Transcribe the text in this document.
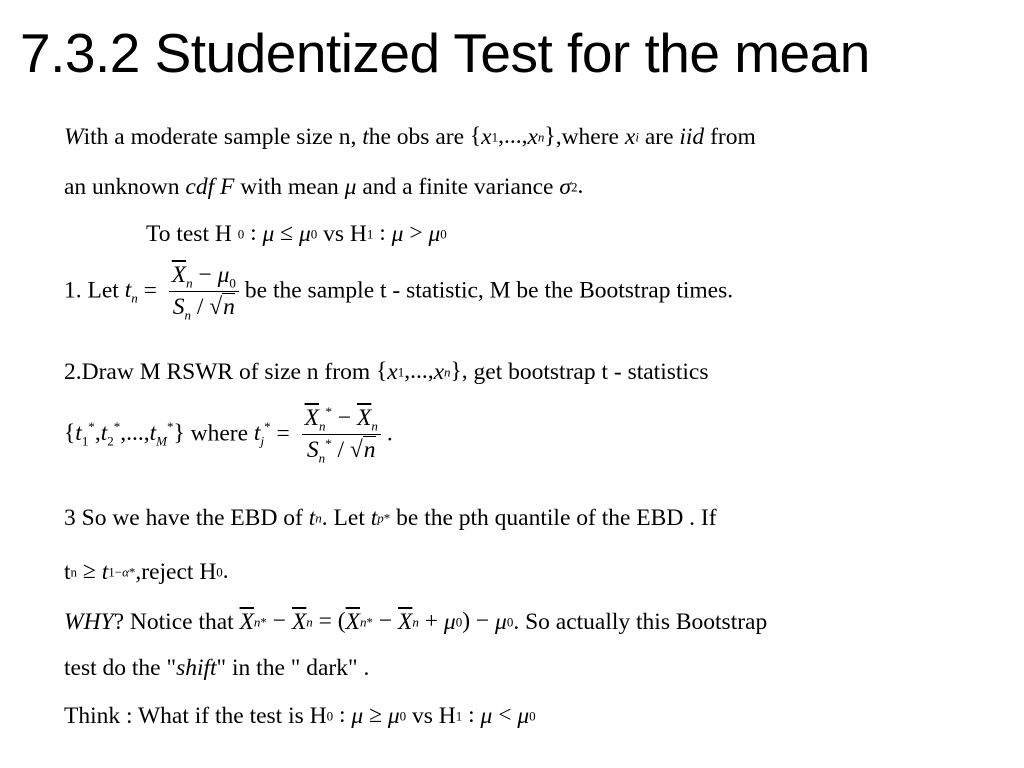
7.3.2 Studentized Test for the mean
With a moderate sample size n, the obs are {x1,...,xn},where xi are iid from
an unknown cdf F with mean μ and a finite variance σ2.
To test H 0 : μ ≤ μ0 vs H1 : μ > μ0
1. Let $t_n = \frac{\overline{X}_n - \mu_0}{S_n / √n}$ be the sample t - statistic, M be the Bootstrap times.
2.Draw M RSWR of size n from {x1,...,xn}, get bootstrap t - statistics
$\{t_1^*,t_2^*,...,t_M^*\}$ where $t_j^* = \frac{\overline{X}_n^* - \overline{X}_n}{S_n^* / √n}$ .
3 So we have the EBD of tn. Let tp* be the pth quantile of the EBD . If
tn ≥ t1−α*,reject H0.
WHY? Notice that $\overline{X}n* - \overline{X}n = (\overline{X}n* - \overline{X}n + \mu 0) - \mu 0$. So actually this Bootstrap
test do the "shift" in the " dark" .
Think : What if the test is H0 : μ ≥ μ0 vs H1 : μ < μ0
